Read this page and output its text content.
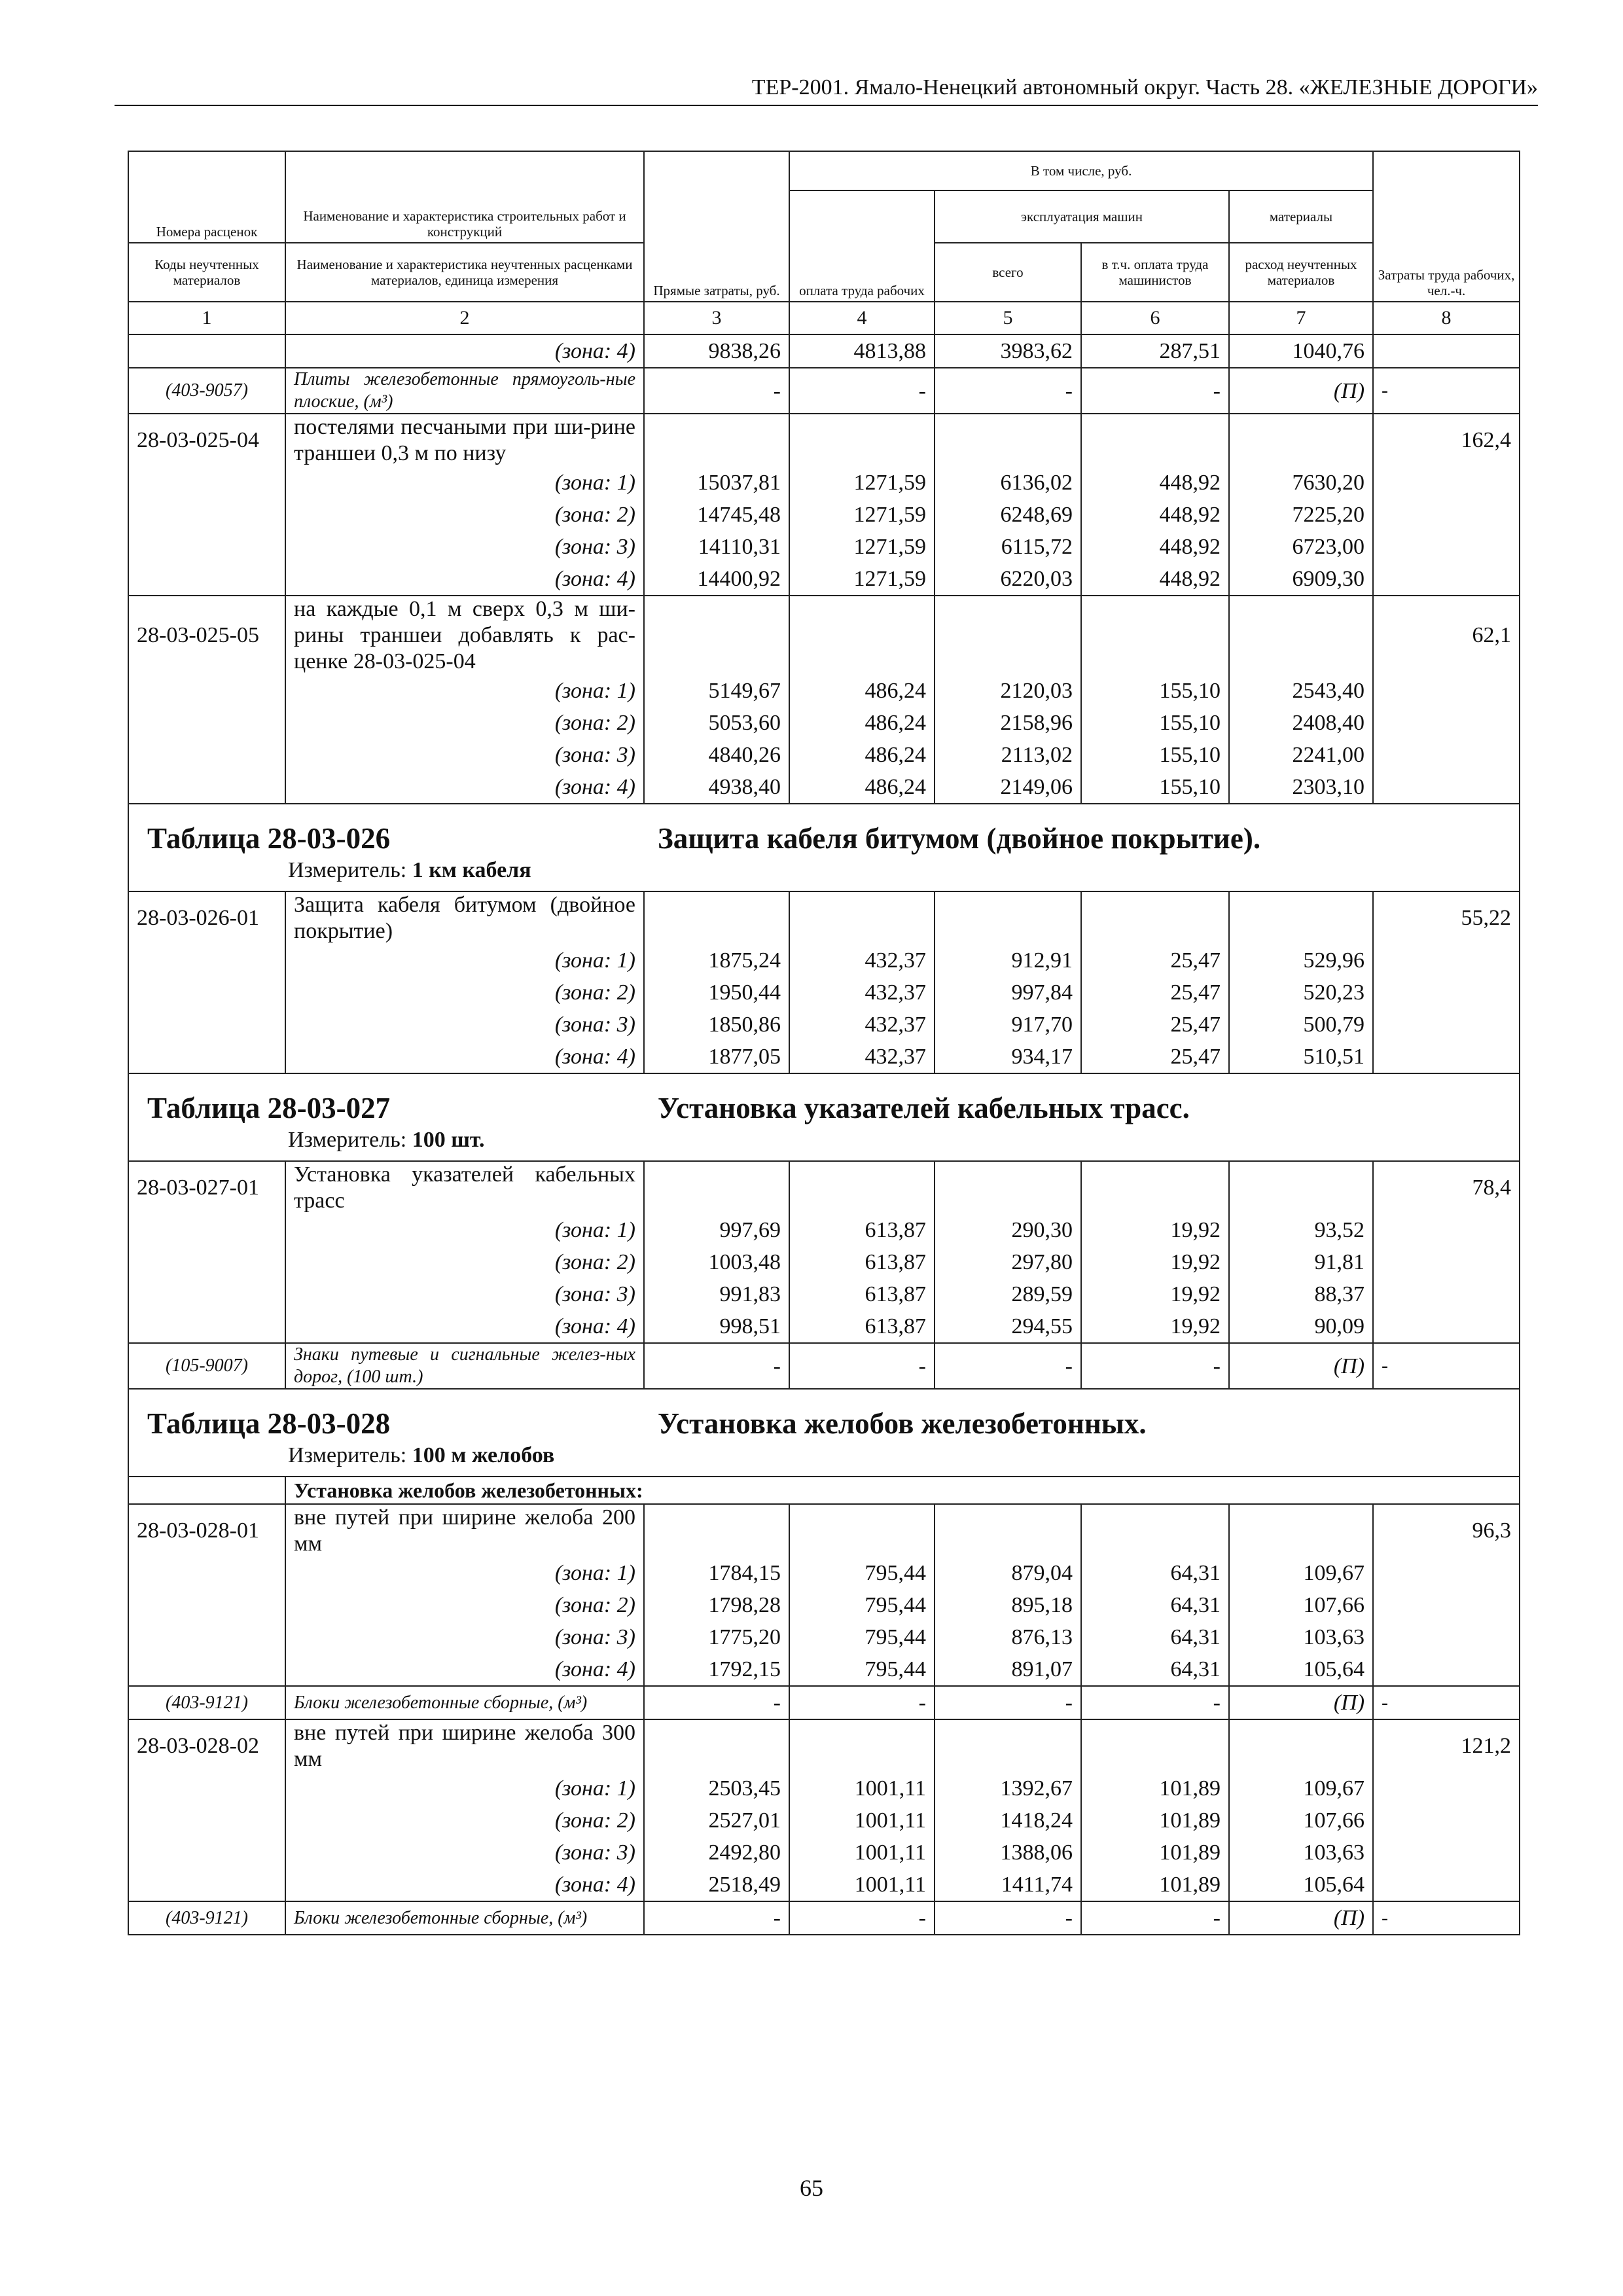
ТЕР-2001. Ямало-Ненецкий автономный округ. Часть 28. «ЖЕЛЕЗНЫЕ ДОРОГИ»
Номера расценок	Наименование и характеристика строительных работ и конструкций	Прямые затраты, руб.	В том числе, руб.				Затраты труда рабочих, чел.-ч.
			оплата труда рабочих	эксплуатация машин		материалы	
Коды неучтенных материалов	Наименование и характеристика неучтенных расценками материалов, единица измерения			всего	в т.ч. оплата труда машинистов	расход неучтенных материалов	

1	2	3	4	5	6	7	8
	(зона: 4)	9838,26	4813,88	3983,62	287,51	1040,76	
(403-9057)	Плиты железобетонные прямоуголь-ные плоские, (м³)	-	-	-	-	(П)	-
28-03-025-04	постелями песчаными при ши-рине траншеи 0,3 м по низу						162,4
	(зона: 1)	15037,81	1271,59	6136,02	448,92	7630,20	
	(зона: 2)	14745,48	1271,59	6248,69	448,92	7225,20	
	(зона: 3)	14110,31	1271,59	6115,72	448,92	6723,00	
	(зона: 4)	14400,92	1271,59	6220,03	448,92	6909,30	
28-03-025-05	на каждые 0,1 м сверх 0,3 м ши-рины траншеи добавлять к рас-ценке 28-03-025-04						62,1
	(зона: 1)	5149,67	486,24	2120,03	155,10	2543,40	
	(зона: 2)	5053,60	486,24	2158,96	155,10	2408,40	
	(зона: 3)	4840,26	486,24	2113,02	155,10	2241,00	
	(зона: 4)	4938,40	486,24	2149,06	155,10	2303,10	

Таблица 28-03-026 Защита кабеля битумом (двойное покрытие).
Измеритель: 1 км кабеля							

28-03-026-01	Защита кабеля битумом (двойное покрытие)						55,22
	(зона: 1)	1875,24	432,37	912,91	25,47	529,96	
	(зона: 2)	1950,44	432,37	997,84	25,47	520,23	
	(зона: 3)	1850,86	432,37	917,70	25,47	500,79	
	(зона: 4)	1877,05	432,37	934,17	25,47	510,51	

Таблица 28-03-027 Установка указателей кабельных трасс.
Измеритель: 100 шт.							

28-03-027-01	Установка указателей кабельных трасс						78,4
	(зона: 1)	997,69	613,87	290,30	19,92	93,52	
	(зона: 2)	1003,48	613,87	297,80	19,92	91,81	
	(зона: 3)	991,83	613,87	289,59	19,92	88,37	
	(зона: 4)	998,51	613,87	294,55	19,92	90,09	
(105-9007)	Знаки путевые и сигнальные желез-ных дорог, (100 шт.)	-	-	-	-	(П)	-

Таблица 28-03-028 Установка желобов железобетонных.
Измеритель: 100 м желобов							

	Установка желобов железобетонных:						
28-03-028-01	вне путей при ширине желоба 200 мм						96,3
	(зона: 1)	1784,15	795,44	879,04	64,31	109,67	
	(зона: 2)	1798,28	795,44	895,18	64,31	107,66	
	(зона: 3)	1775,20	795,44	876,13	64,31	103,63	
	(зона: 4)	1792,15	795,44	891,07	64,31	105,64	
(403-9121)	Блоки железобетонные сборные, (м³)	-	-	-	-	(П)	-
28-03-028-02	вне путей при ширине желоба 300 мм						121,2
	(зона: 1)	2503,45	1001,11	1392,67	101,89	109,67	
	(зона: 2)	2527,01	1001,11	1418,24	101,89	107,66	
	(зона: 3)	2492,80	1001,11	1388,06	101,89	103,63	
	(зона: 4)	2518,49	1001,11	1411,74	101,89	105,64	
(403-9121)	Блоки железобетонные сборные, (м³)	-	-	-	-	(П)	-
65
